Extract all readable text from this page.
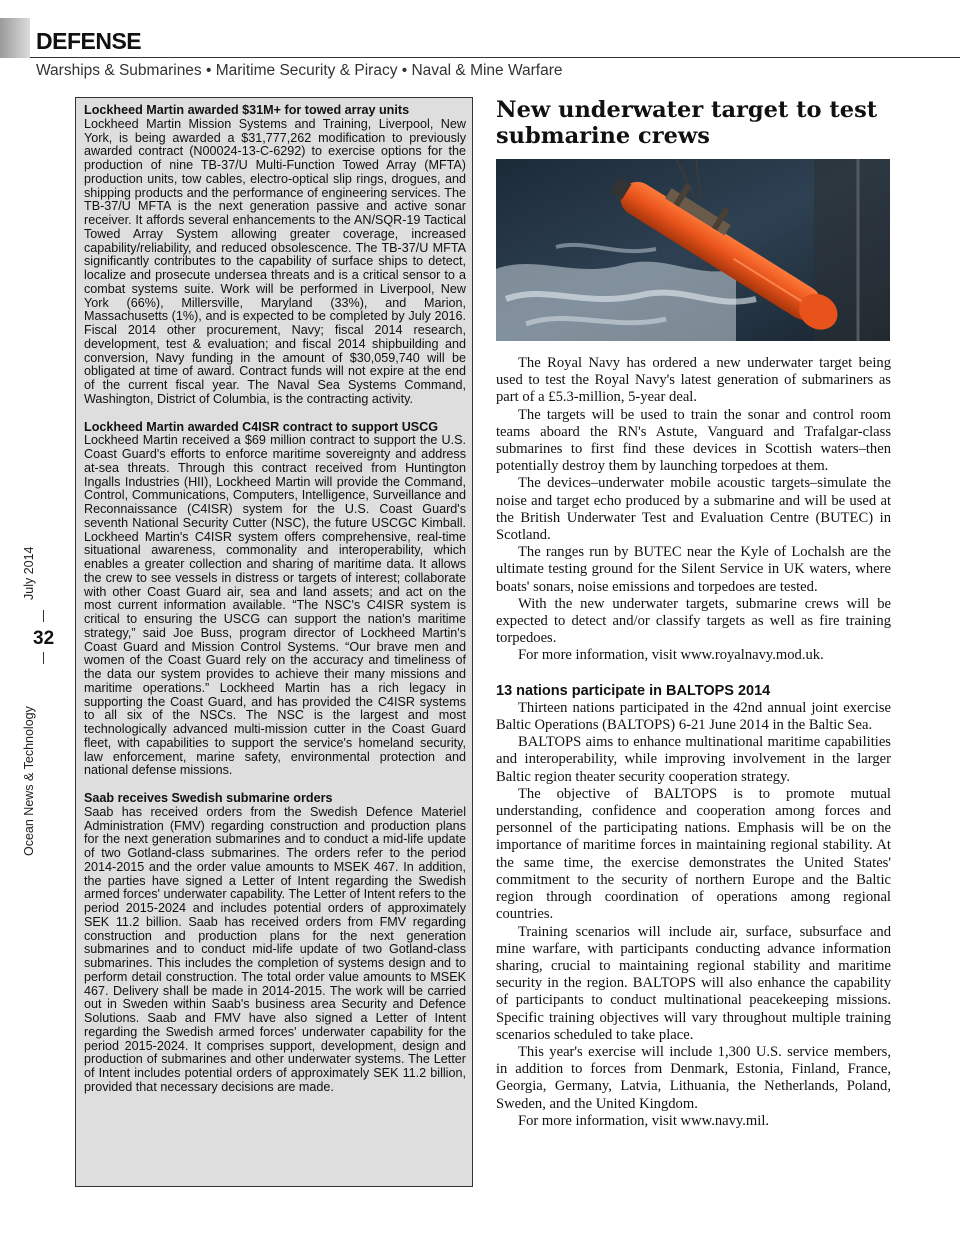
DEFENSE
Warships & Submarines • Maritime Security & Piracy • Naval & Mine Warfare
July 2014
32
Ocean News & Technology
Lockheed Martin awarded $31M+ for towed array units
Lockheed Martin Mission Systems and Training, Liverpool, New York, is being awarded a $31,777,262 modification to previously awarded contract (N00024-13-C-6292) to exercise options for the production of nine TB-37/U Multi-Function Towed Array (MFTA) production units, tow cables, electro-optical slip rings, drogues, and shipping products and the performance of engineering services. The TB-37/U MFTA is the next generation passive and active sonar receiver. It affords several enhancements to the AN/SQR-19 Tactical Towed Array System allowing greater coverage, increased capability/reliability, and reduced obsolescence. The TB-37/U MFTA significantly contributes to the capability of surface ships to detect, localize and prosecute undersea threats and is a critical sensor to a combat systems suite. Work will be performed in Liverpool, New York (66%), Millersville, Maryland (33%), and Marion, Massachusetts (1%), and is expected to be completed by July 2016. Fiscal 2014 other procurement, Navy; fiscal 2014 research, development, test & evaluation; and fiscal 2014 shipbuilding and conversion, Navy funding in the amount of $30,059,740 will be obligated at time of award. Contract funds will not expire at the end of the current fiscal year. The Naval Sea Systems Command, Washington, District of Columbia, is the contracting activity.
Lockheed Martin awarded C4ISR contract to support USCG
Lockheed Martin received a $69 million contract to support the U.S. Coast Guard's efforts to enforce maritime sovereignty and address at-sea threats. Through this contract received from Huntington Ingalls Industries (HII), Lockheed Martin will provide the Command, Control, Communications, Computers, Intelligence, Surveillance and Reconnaissance (C4ISR) system for the U.S. Coast Guard's seventh National Security Cutter (NSC), the future USCGC Kimball. Lockheed Martin's C4ISR system offers comprehensive, real-time situational awareness, commonality and interoperability, which enables a greater collection and sharing of maritime data. It allows the crew to see vessels in distress or targets of interest; collaborate with other Coast Guard air, sea and land assets; and act on the most current information available. “The NSC's C4ISR system is critical to ensuring the USCG can support the nation's maritime strategy,” said Joe Buss, program director of Lockheed Martin's Coast Guard and Mission Control Systems. “Our brave men and women of the Coast Guard rely on the accuracy and timeliness of the data our system provides to achieve their many missions and maritime operations.” Lockheed Martin has a rich legacy in supporting the Coast Guard, and has provided the C4ISR systems to all six of the NSCs. The NSC is the largest and most technologically advanced multi-mission cutter in the Coast Guard fleet, with capabilities to support the service's homeland security, law enforcement, marine safety, environmental protection and national defense missions.
Saab receives Swedish submarine orders
Saab has received orders from the Swedish Defence Materiel Administration (FMV) regarding construction and production plans for the next generation submarines and to conduct a mid-life update of two Gotland-class submarines. The orders refer to the period 2014-2015 and the order value amounts to MSEK 467. In addition, the parties have signed a Letter of Intent regarding the Swedish armed forces' underwater capability. The Letter of Intent refers to the period 2015-2024 and includes potential orders of approximately SEK 11.2 billion. Saab has received orders from FMV regarding construction and production plans for the next generation submarines and to conduct mid-life update of two Gotland-class submarines. This includes the completion of systems design and to perform detail construction. The total order value amounts to MSEK 467. Delivery shall be made in 2014-2015. The work will be carried out in Sweden within Saab's business area Security and Defence Solutions. Saab and FMV have also signed a Letter of Intent regarding the Swedish armed forces' underwater capability for the period 2015-2024. It comprises support, development, design and production of submarines and other underwater systems. The Letter of Intent includes potential orders of approximately SEK 11.2 billion, provided that necessary decisions are made.
New underwater target to test submarine crews

The Royal Navy has ordered a new underwater target being used to test the Royal Navy's latest generation of submariners as part of a £5.3-million, 5-year deal.

The targets will be used to train the sonar and control room teams aboard the RN's Astute, Vanguard and Trafalgar-class submarines to first find these devices in Scottish waters–then potentially destroy them by launching torpedoes at them.

The devices–underwater mobile acoustic targets–simulate the noise and target echo produced by a submarine and will be used at the British Underwater Test and Evaluation Centre (BUTEC) in Scotland.

The ranges run by BUTEC near the Kyle of Lochalsh are the ultimate testing ground for the Silent Service in UK waters, where boats' sonars, noise emissions and torpedoes are tested.

With the new underwater targets, submarine crews will be expected to detect and/or classify targets as well as fire training torpedoes.

For more information, visit www.royalnavy.mod.uk.

13 nations participate in BALTOPS 2014

Thirteen nations participated in the 42nd annual joint exercise Baltic Operations (BALTOPS) 6-21 June 2014 in the Baltic Sea.

BALTOPS aims to enhance multinational maritime capabilities and interoperability, while improving involvement in the larger Baltic region theater security cooperation strategy.

The objective of BALTOPS is to promote mutual understanding, confidence and cooperation among forces and personnel of the participating nations. Emphasis will be on the importance of maritime forces in maintaining regional stability. At the same time, the exercise demonstrates the United States' commitment to the security of northern Europe and the Baltic region through coordination of operations among regional countries.

Training scenarios will include air, surface, subsurface and mine warfare, with participants conducting advance information sharing, crucial to maintaining regional stability and maritime security in the region. BALTOPS will also enhance the capability of participants to conduct multinational peacekeeping missions. Specific training objectives will vary throughout multiple training scenarios scheduled to take place.

This year's exercise will include 1,300 U.S. service members, in addition to forces from Denmark, Estonia, Finland, France, Georgia, Germany, Latvia, Lithuania, the Netherlands, Poland, Sweden, and the United Kingdom.

For more information, visit www.navy.mil.
